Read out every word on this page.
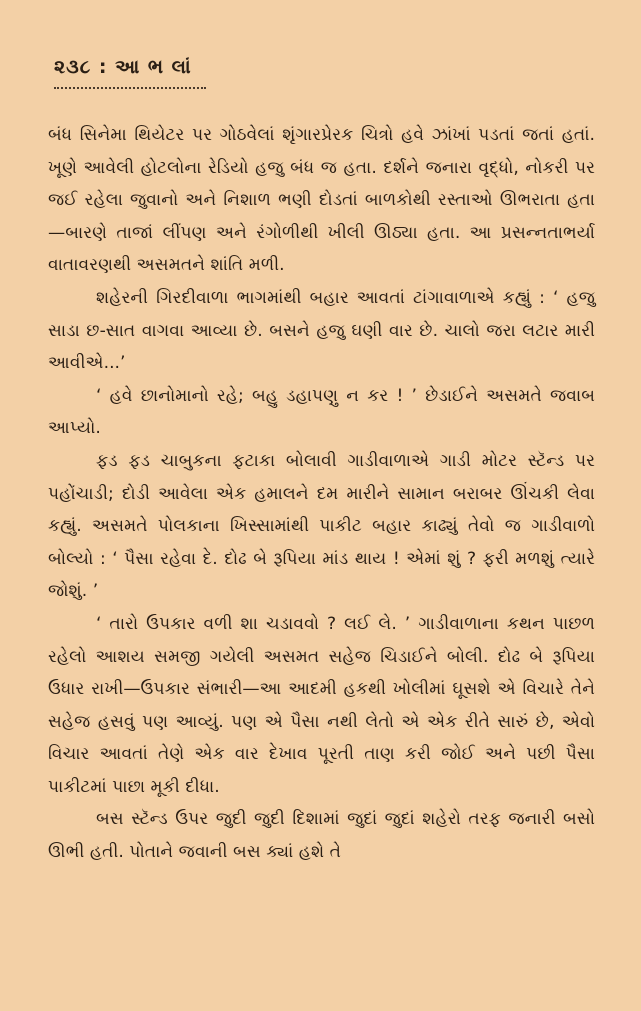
૨૩૮ : આ ભ લાં

બંધ સિનેમા થિયેટર પર ગોઠવેલાં શૃંગારપ્રેરક ચિત્રો હવે ઝાંખાં પડતાં જતાં હતાં. ખૂણે આવેલી હોટલોના રેડિયો હજુ બંધ જ હતા. દર્શને જનારા વૃદ્ધો, નોકરી પર જઈ રહેલા જુવાનો અને નિશાળ ભણી દોડતાં બાળકોથી રસ્તાઓ ઊભરાતા હતા—બારણે તાજાં લીંપણ અને રંગોળીથી ખીલી ઊઠ્યા હતા. આ પ્રસન્નતાભર્યા વાતાવરણથી અસમતને શાંતિ મળી.

શહેરની ગિરદીવાળા ભાગમાંથી બહાર આવતાં ટાંગાવાળાએ કહ્યું : ‘ હજુ સાડા છ-સાત વાગવા આવ્યા છે. બસને હજુ ઘણી વાર છે. ચાલો જરા લટાર મારી આવીએ...’

‘ હવે છાનોમાનો રહે; બહુ ડહાપણુ ન કર ! ’ છેડાઈને અસમતે જવાબ આપ્યો.

ફડ ફડ ચાબુકના ફટાકા બોલાવી ગાડીવાળાએ ગાડી મોટર સ્ટૅન્ડ પર પહોંચાડી; દોડી આવેલા એક હમાલને દમ મારીને સામાન બરાબર ઊંચકી લેવા કહ્યું. અસમતે પોલકાના ખિસ્સામાંથી પાકીટ બહાર કાઢ્યું તેવો જ ગાડીવાળો બોલ્યો : ‘ પૈસા રહેવા દે. દોઢ બે રૂપિયા માંડ થાય ! એમાં શું ? ફરી મળશું ત્યારે જોશું. ’

‘ તારો ઉપકાર વળી શા ચડાવવો ? લઈ લે. ’ ગાડીવાળાના કથન પાછળ રહેલો આશય સમજી ગયેલી અસમત સહેજ ચિડાઈને બોલી. દોઢ બે રૂપિયા ઉધાર રાખી—ઉપકાર સંભારી—આ આદમી હકથી ખોલીમાં ઘૂસશે એ વિચારે તેને સહેજ હસવું પણ આવ્યું. પણ એ પૈસા નથી લેતો એ એક રીતે સારું છે, એવો વિચાર આવતાં તેણે એક વાર દેખાવ પૂરતી તાણ કરી જોઈ અને પછી પૈસા પાકીટમાં પાછા મૂકી દીધા.

બસ સ્ટૅન્ડ ઉપર જુદી જુદી દિશામાં જુદાં જુદાં શહેરો તરફ જનારી બસો ઊભી હતી. પોતાને જવાની બસ ક્યાં હશે તે
